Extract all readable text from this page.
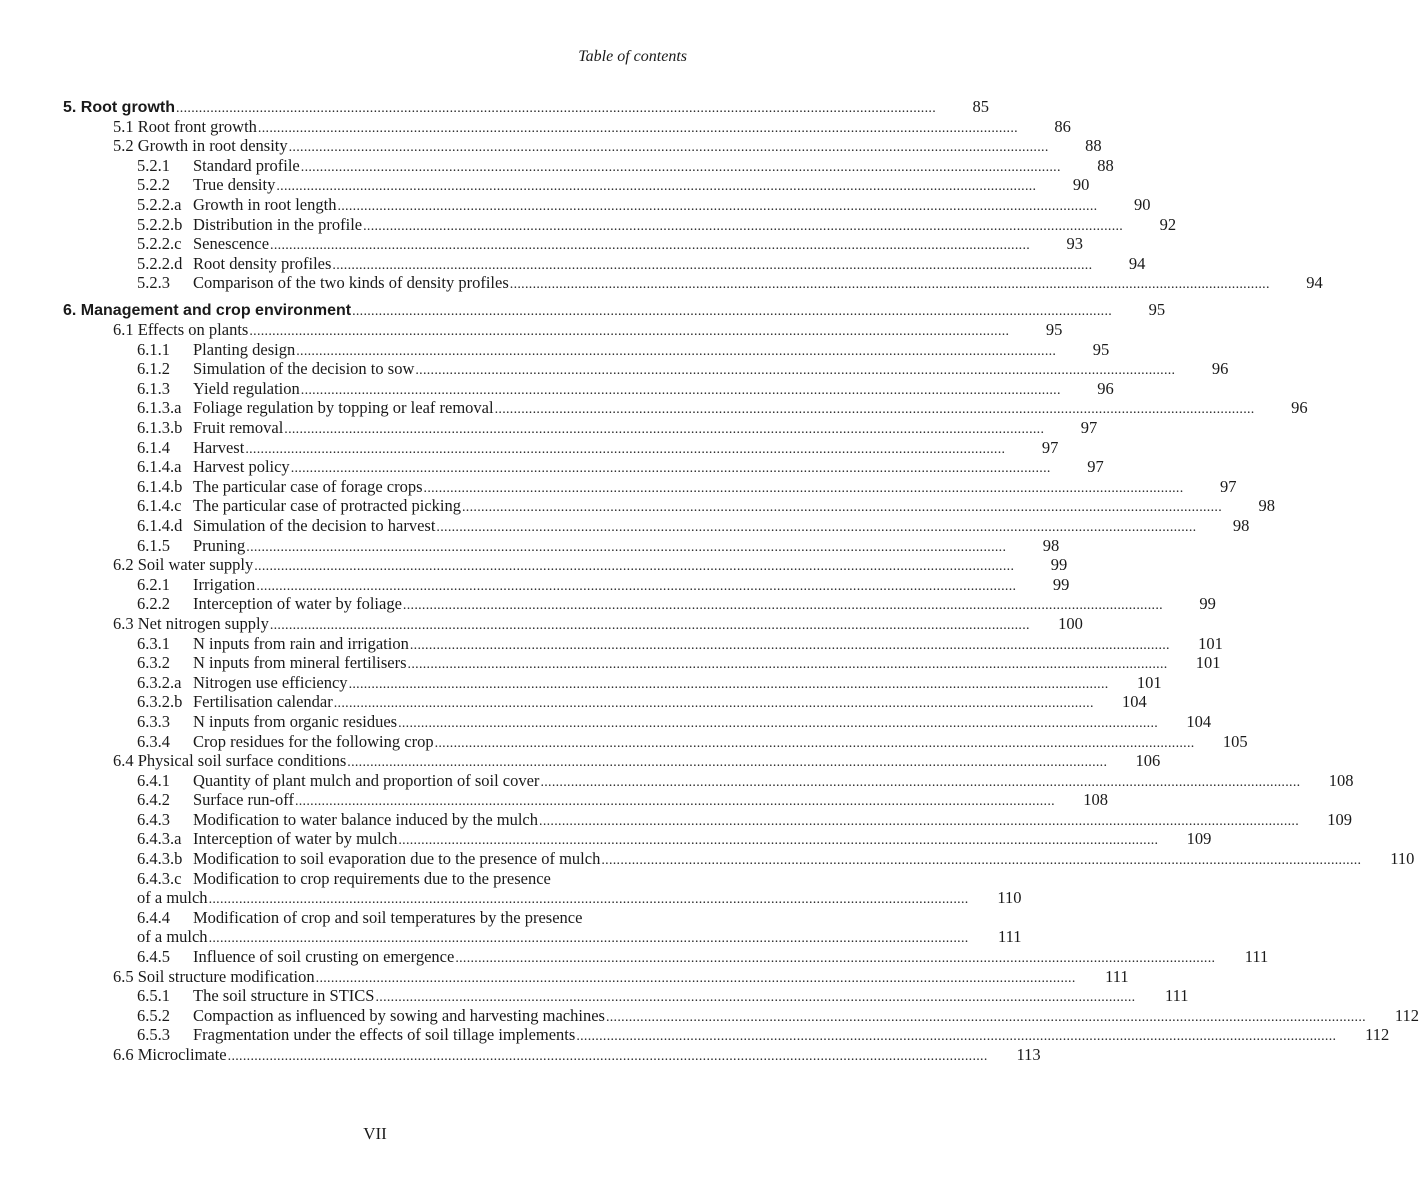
Table of contents
5. Root growth ........................................................................................................................................................................................................	85
5.1 Root front growth ........................................................................................................................................................................................................	86
5.2 Growth in root density ........................................................................................................................................................................................................	88
5.2.1 Standard profile ........................................................................................................................................................................................................	88
5.2.2 True density ........................................................................................................................................................................................................	90
5.2.2.a Growth in root length ........................................................................................................................................................................................................	90
5.2.2.b Distribution in the profile ........................................................................................................................................................................................................	92
5.2.2.c Senescence ........................................................................................................................................................................................................	93
5.2.2.d Root density profiles ........................................................................................................................................................................................................	94
5.2.3 Comparison of the two kinds of density profiles ........................................................................................................................................................................................................	94
6. Management and crop environment ........................................................................................................................................................................................................	95
6.1 Effects on plants ........................................................................................................................................................................................................	95
6.1.1 Planting design ........................................................................................................................................................................................................	95
6.1.2 Simulation of the decision to sow ........................................................................................................................................................................................................	96
6.1.3 Yield regulation ........................................................................................................................................................................................................	96
6.1.3.a Foliage regulation by topping or leaf removal ........................................................................................................................................................................................................	96
6.1.3.b Fruit removal ........................................................................................................................................................................................................	97
6.1.4 Harvest ........................................................................................................................................................................................................	97
6.1.4.a Harvest policy ........................................................................................................................................................................................................	97
6.1.4.b The particular case of forage crops ........................................................................................................................................................................................................	97
6.1.4.c The particular case of protracted picking ........................................................................................................................................................................................................	98
6.1.4.d Simulation of the decision to harvest ........................................................................................................................................................................................................	98
6.1.5 Pruning ........................................................................................................................................................................................................	98
6.2 Soil water supply ........................................................................................................................................................................................................	99
6.2.1 Irrigation ........................................................................................................................................................................................................	99
6.2.2 Interception of water by foliage ........................................................................................................................................................................................................	99
6.3 Net nitrogen supply ........................................................................................................................................................................................................	100
6.3.1 N inputs from rain and irrigation ........................................................................................................................................................................................................	101
6.3.2 N inputs from mineral fertilisers ........................................................................................................................................................................................................	101
6.3.2.a Nitrogen use efficiency ........................................................................................................................................................................................................	101
6.3.2.b Fertilisation calendar ........................................................................................................................................................................................................	104
6.3.3 N inputs from organic residues ........................................................................................................................................................................................................	104
6.3.4 Crop residues for the following crop ........................................................................................................................................................................................................	105
6.4 Physical soil surface conditions ........................................................................................................................................................................................................	106
6.4.1 Quantity of plant mulch and proportion of soil cover ........................................................................................................................................................................................................	108
6.4.2 Surface run-off ........................................................................................................................................................................................................	108
6.4.3 Modification to water balance induced by the mulch ........................................................................................................................................................................................................	109
6.4.3.a Interception of water by mulch ........................................................................................................................................................................................................	109
6.4.3.b Modification to soil evaporation due to the presence of mulch ........................................................................................................................................................................................................	110
6.4.3.c Modification to crop requirements due to the presence
of a mulch ........................................................................................................................................................................................................	110
6.4.4 Modification of crop and soil temperatures by the presence
of a mulch ........................................................................................................................................................................................................	111
6.4.5 Influence of soil crusting on emergence ........................................................................................................................................................................................................	111
6.5 Soil structure modification ........................................................................................................................................................................................................	111
6.5.1 The soil structure in STICS ........................................................................................................................................................................................................	111
6.5.2 Compaction as influenced by sowing and harvesting machines ........................................................................................................................................................................................................	112
6.5.3 Fragmentation under the effects of soil tillage implements ........................................................................................................................................................................................................	112
6.6 Microclimate ........................................................................................................................................................................................................	113
VII
